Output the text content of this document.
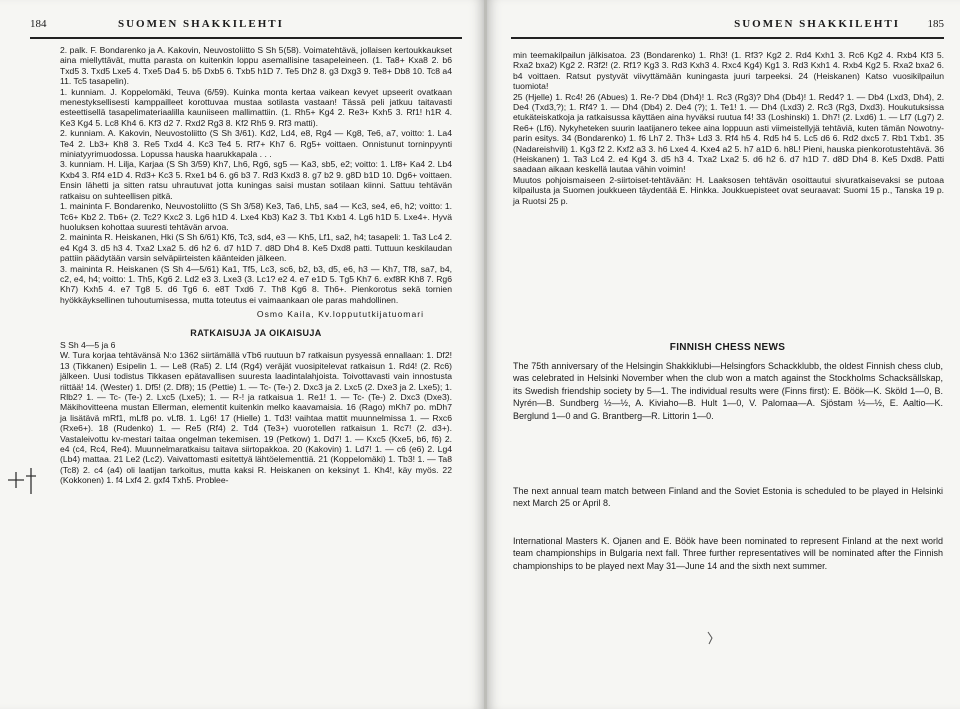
184	SUOMEN SHAKKILEHTI

2. palk. F. Bondarenko ja A. Kakovin, Neuvostoliitto S Sh 5(58). Voimatehtävä, jollaisen kertoukkaukset aina miellyttävät, mutta parasta on kuitenkin loppu asemallisine tasapeleineen. (1. Ta8+ Kxa8 2. b6 Txd5 3. Txd5 Lxe5 4. Txe5 Da4 5. b5 Dxb5 6. Txb5 h1D 7. Te5 Dh2 8. g3 Dxg3 9. Te8+ Db8 10. Tc8 a4 11. Tc5 tasapelin).

1. kunniam. J. Koppelomäki, Teuva (6/59). Kuinka monta kertaa vaikean kevyet upseerit ovatkaan menestyksellisesti kamppailleet korottuvaa mustaa sotilasta vastaan! Tässä peli jatkuu taitavasti esteettisellä tasapelimateriaalilla kauniiseen mallimattiin. (1. Rh5+ Kg4 2. Re3+ Kxh5 3. Rf1! h1R 4. Ke3 Kg4 5. Lc8 Kh4 6. Kf3 d2 7. Rxd2 Rg3 8. Kf2 Rh5 9. Rf3 matti).

2. kunniam. A. Kakovin, Neuvostoliitto (S Sh 3/61). Kd2, Ld4, e8, Rg4 — Kg8, Te6, a7, voitto: 1. La4 Te4 2. Lb3+ Kh8 3. Re5 Txd4 4. Kc3 Te4 5. Rf7+ Kh7 6. Rg5+ voittaen. Onnistunut torninpyynti miniatyyrimuodossa. Lopussa hauska haarukkapala . . .

3. kunniam. H. Lilja, Karjaa (S Sh 3/59) Kh7, Lh6, Rg6, sg5 — Ka3, sb5, e2; voitto: 1. Lf8+ Ka4 2. Lb4 Kxb4 3. Rf4 e1D 4. Rd3+ Kc3 5. Rxe1 b4 6. g6 b3 7. Rd3 Kxd3 8. g7 b2 9. g8D b1D 10. Dg6+ voittaen. Ensin lähetti ja sitten ratsu uhrautuvat jotta kuningas saisi mustan sotilaan kiinni. Sattuu tehtävän ratkaisu on suhteellisen pitkä.

1. maininta F. Bondarenko, Neuvostoliitto (S Sh 3/58) Ke3, Ta6, Lh5, sa4 — Kc3, se4, e6, h2; voitto: 1. Tc6+ Kb2 2. Tb6+ (2. Tc2? Kxc2 3. Lg6 h1D 4. Lxe4 Kb3) Ka2 3. Tb1 Kxb1 4. Lg6 h1D 5. Lxe4+. Hyvä huoluksen kohottaa suuresti tehtävän arvoa.

2. maininta R. Heiskanen, Hki (S Sh 6/61) Kf6, Tc3, sd4, e3 — Kh5, Lf1, sa2, h4; tasapeli: 1. Ta3 Lc4 2. e4 Kg4 3. d5 h3 4. Txa2 Lxa2 5. d6 h2 6. d7 h1D 7. d8D Dh4 8. Ke5 Dxd8 patti. Tuttuun keskilaudan pattiin päädytään varsin selväpiirteisten käänteiden jälkeen.

3. maininta R. Heiskanen (S Sh 4—5/61) Ka1, Tf5, Lc3, sc6, b2, b3, d5, e6, h3 — Kh7, Tf8, sa7, b4, c2, e4, h4; voitto: 1. Th5, Kg6 2. Ld2 e3 3. Lxe3 (3. Lc1? e2 4. e7 e1D 5. Tg5 Kh7 6. exf8R Kh8 7. Rg6 Kh7) Kxh5 4. e7 Tg8 5. d6 Tg6 6. e8T Txd6 7. Th8 Kg6 8. Th6+. Pienkorotus sekä tornien hyökkäyksellinen tuhoutumisessa, mutta toteutus ei vaimaankaan ole paras mahdollinen.

Osmo Kaila, Kv.loppututkijatuomari

RATKAISUJA JA OIKAISUJA

S Sh 4—5 ja 6

W. Tura korjaa tehtävänsä N:o 1362 siirtämällä vTb6 ruutuun b7 ratkaisun pysyessä ennallaan: 1. Df2! 13 (Tikkanen) Esipelin 1. — Le8 (Ra5) 2. Lf4 (Rg4) veräjät vuosipitelevat ratkaisun 1. Rd4! (2. Rc6) jälkeen. Uusi todistus Tikkasen epätavallisen suuresta laadintalahjoista. Toivottavasti vain innostusta riittää! 14. (Wester) 1. Df5! (2. Df8); 15 (Pettie) 1. — Tc- (Te-) 2. Dxc3 ja 2. Lxc5 (2. Dxe3 ja 2. Lxe5); 1. Rlb2? 1. — Tc- (Te-) 2. Lxc5 (Lxe5); 1. — R-! ja ratkaisua 1. Re1! 1. — Tc- (Te-) 2. Dxc3 (Dxe3). Mäkihovitteena mustan Ellerman, elementit kuitenkin melko kaavamaisia. 16 (Rago) mKh7 po. mDh7 ja lisätävä mRf1, mLf8 po. vLf8. 1. Lg6! 17 (Hielle) 1. Td3! vaihtaa mattit muunnelmissa 1. — Rxc6 (Rxe6+). 18 (Rudenko) 1. — Re5 (Rf4) 2. Td4 (Te3+) vuorotellen ratkaisun 1. Rc7! (2. d3+). Vastaleivottu kv-mestari taitaa ongelman tekemisen. 19 (Petkow) 1. Dd7! 1. — Kxc5 (Kxe5, b6, f6) 2. e4 (c4, Rc4, Re4). Muunnelmaratkaisu taitava siirtopakkoa. 20 (Kakovin) 1. Ld7! 1. — c6 (e6) 2. Lg4 (Lb4) mattaa. 21 Le2 (Lc2). Vaivattomasti esitettyä lähtöelementtiä. 21 (Koppelomäki) 1. Tb3! 1. — Ta8 (Tc8) 2. c4 (a4) oli laatijan tarkoitus, mutta kaksi R. Heiskanen on keksinyt 1. Kh4!, käy myös. 22 (Kokkonen) 1. f4 Lxf4 2. gxf4 Txh5. Problee-

SUOMEN SHAKKILEHTI	185

min teemakilpailun jälkisatoa. 23 (Bondarenko) 1. Rh3! (1. Rf3? Kg2 2. Rd4 Kxh1 3. Rc6 Kg2 4. Rxb4 Kf3 5. Rxa2 bxa2) Kg2 2. R3f2! (2. Rf1? Kg3 3. Rd3 Kxh3 4. Rxc4 Kg4) Kg1 3. Rd3 Kxh1 4. Rxb4 Kg2 5. Rxa2 bxa2 6. b4 voittaen. Ratsut pystyvät viivyttämään kuningasta juuri tarpeeksi. 24 (Heiskanen) Katso vuosikilpailun tuomiota!

25 (Hjelle) 1. Rc4! 26 (Abues) 1. Re-? Db4 (Dh4)! 1. Rc3 (Rg3)? Dh4 (Db4)! 1. Red4? 1. — Db4 (Lxd3, Dh4), 2. De4 (Txd3,?); 1. Rf4? 1. — Dh4 (Db4) 2. De4 (?); 1. Te1! 1. — Dh4 (Lxd3) 2. Rc3 (Rg3, Dxd3). Houkutuksissa etukäteiskatkoja ja ratkaisussa käyttäen aina hyväksi ruutua f4! 33 (Loshinski) 1. Dh7! (2. Lxd6) 1. — Lf7 (Lg7) 2. Re6+ (Lf6). Nykyheteken suurin laatijanero tekee aina loppuun asti viimeistellyjä tehtäviä, kuten tämän Nowotny-parin esitys. 34 (Bondarenko) 1. f6 Lh7 2. Th3+ Ld3 3. Rf4 h5 4. Rd5 h4 5. Lc5 d6 6. Rd2 dxc5 7. Rb1 Txb1. 35 (Nadareishvili) 1. Kg3 f2 2. Kxf2 a3 3. h6 Lxe4 4. Kxe4 a2 5. h7 a1D 6. h8L! Pieni, hauska pienkorotustehtävä. 36 (Heiskanen) 1. Ta3 Lc4 2. e4 Kg4 3. d5 h3 4. Txa2 Lxa2 5. d6 h2 6. d7 h1D 7. d8D Dh4 8. Ke5 Dxd8. Patti saadaan aikaan keskellä lautaa vähin voimin!

Muutos pohjoismaiseen 2-siirtoiset-tehtävään: H. Laaksosen tehtävän osoittautui sivuratkaisevaksi se putoaa kilpailusta ja Suomen joukkueen täydentää E. Hinkka. Joukkuepisteet ovat seuraavat: Suomi 15 p., Tanska 19 p. ja Ruotsi 25 p.

FINNISH CHESS NEWS

The 75th anniversary of the Helsingin Shakkiklubi—Helsingfors Schackklubb, the oldest Finnish chess club, was celebrated in Helsinki November when the club won a match against the Stockholms Schacksällskap, its Swedish friendship society by 5—1. The individual results were (Finns first): E. Böök—K. Sköld 1—0, B. Nyrén—B. Sundberg ½—½, A. Kiviaho—B. Hult 1—0, V. Palomaa—A. Sjöstam ½—½, E. Aaltio—K. Berglund 1—0 and G. Brantberg—R. Littorin 1—0.

The next annual team match between Finland and the Soviet Estonia is scheduled to be played in Helsinki next March 25 or April 8.

International Masters K. Ojanen and E. Böök have been nominated to represent Finland at the next world team championships in Bulgaria next fall. Three further representatives will be nominated after the Finnish championships to be played next May 31—June 14 and the sixth next summer.
